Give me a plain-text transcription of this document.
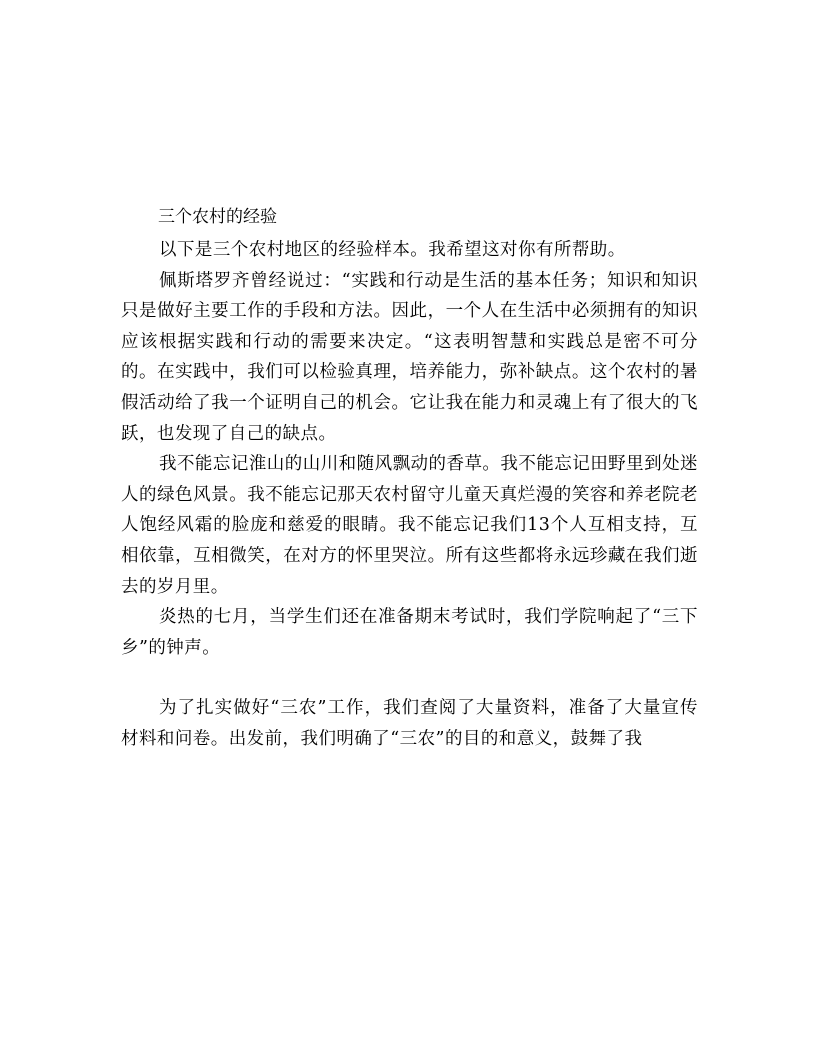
三个农村的经验

以下是三个农村地区的经验样本。我希望这对你有所帮助。

佩斯塔罗齐曾经说过：“实践和行动是生活的基本任务；知识和知识只是做好主要工作的手段和方法。因此，一个人在生活中必须拥有的知识应该根据实践和行动的需要来决定。“这表明智慧和实践总是密不可分的。在实践中，我们可以检验真理，培养能力，弥补缺点。这个农村的暑假活动给了我一个证明自己的机会。它让我在能力和灵魂上有了很大的飞跃，也发现了自己的缺点。

我不能忘记淮山的山川和随风飘动的香草。我不能忘记田野里到处迷人的绿色风景。我不能忘记那天农村留守儿童天真烂漫的笑容和养老院老人饱经风霜的脸庞和慈爱的眼睛。我不能忘记我们13个人互相支持，互相依靠，互相微笑，在对方的怀里哭泣。所有这些都将永远珍藏在我们逝去的岁月里。

炎热的七月，当学生们还在准备期末考试时，我们学院响起了“三下乡”的钟声。

为了扎实做好“三农”工作，我们查阅了大量资料，准备了大量宣传材料和问卷。出发前，我们明确了“三农”的目的和意义，鼓舞了我
